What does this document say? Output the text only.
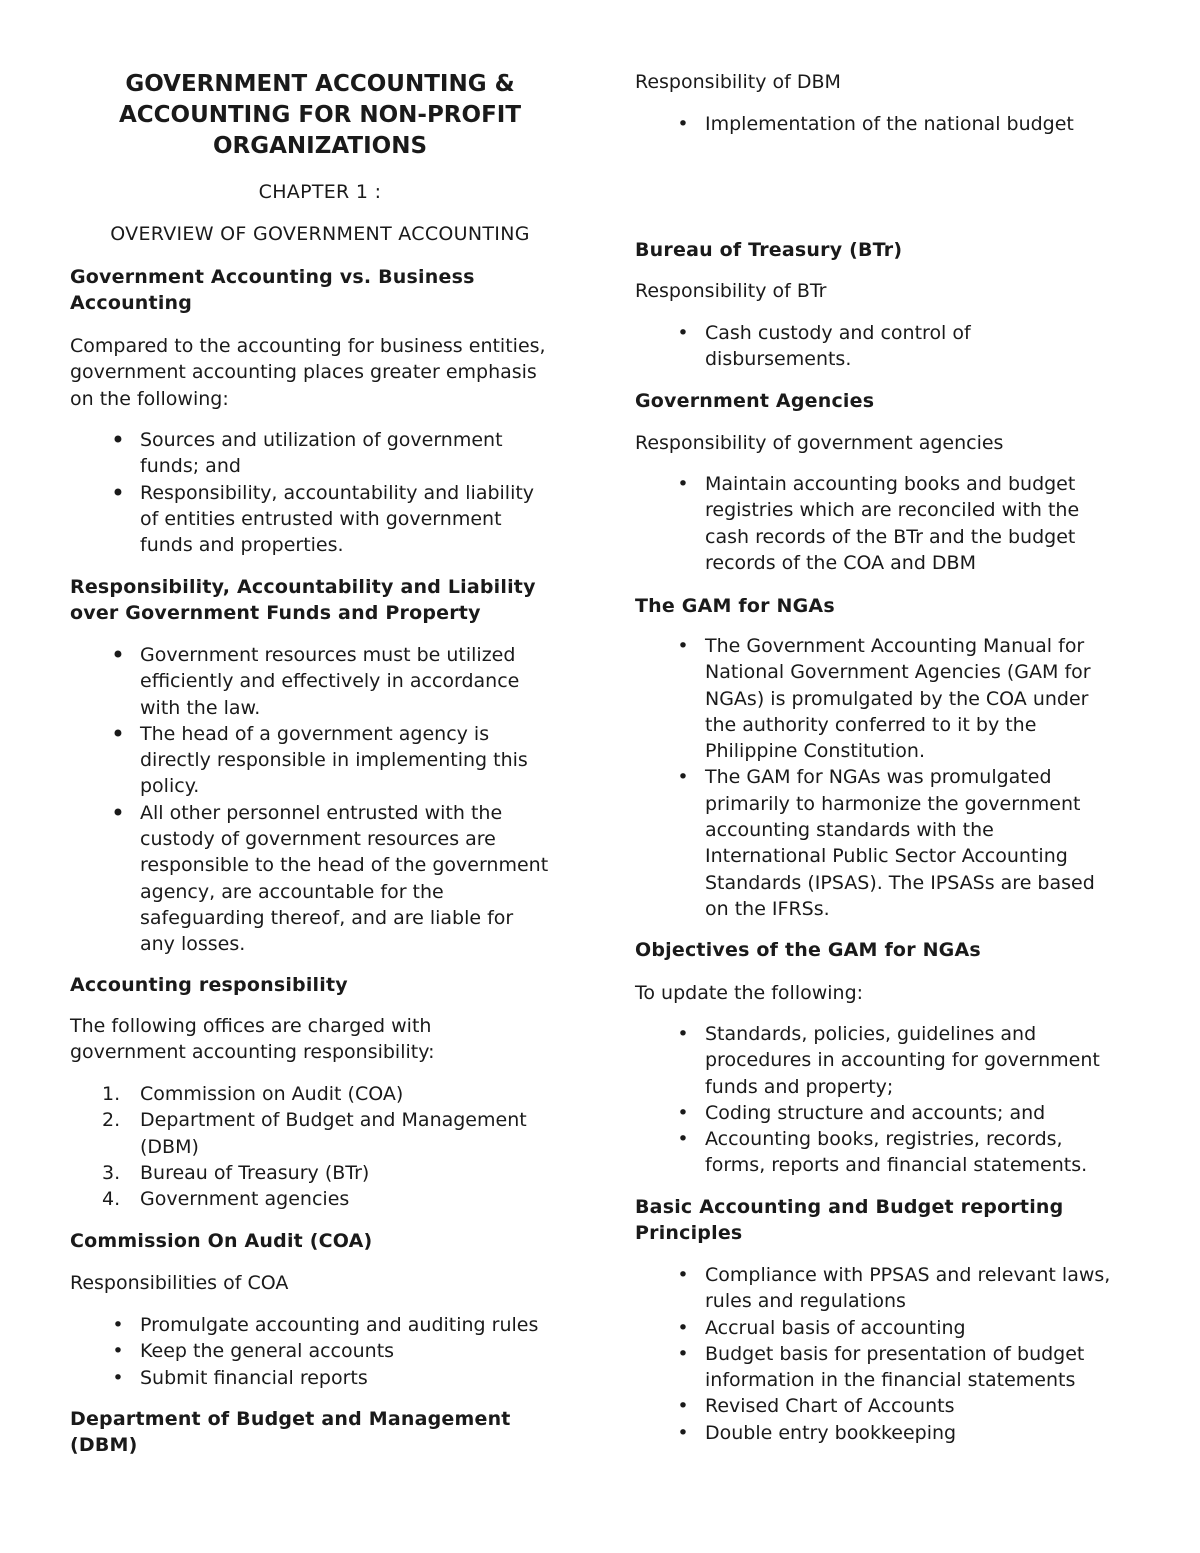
GOVERNMENT ACCOUNTING &
ACCOUNTING FOR NON-PROFIT
ORGANIZATIONS

CHAPTER 1 :

OVERVIEW OF GOVERNMENT ACCOUNTING

Government Accounting vs. Business
Accounting

Compared to the accounting for business entities,
government accounting places greater emphasis
on the following:

• Sources and utilization of government
funds; and
• Responsibility, accountability and liability
of entities entrusted with government
funds and properties.
Responsibility, Accountability and Liability
over Government Funds and Property
• Government resources must be utilized
efficiently and effectively in accordance
with the law.
• The head of a government agency is
directly responsible in implementing this
policy.
• All other personnel entrusted with the
custody of government resources are
responsible to the head of the government
agency, are accountable for the
safeguarding thereof, and are liable for
any losses.
Accounting responsibility

The following offices are charged with
government accounting responsibility:

1.	Commission on Audit (COA)
2.	Department of Budget and Management
(DBM)
3.	Bureau of Treasury (BTr)
4.	Government agencies
Commission On Audit (COA)

Responsibilities of COA

• Promulgate accounting and auditing rules
• Keep the general accounts
• Submit financial reports
Department of Budget and Management
(DBM)

Responsibility of DBM

• Implementation of the national budget
Bureau of Treasury (BTr)

Responsibility of BTr

• Cash custody and control of
disbursements.
Government Agencies

Responsibility of government agencies

• Maintain accounting books and budget
registries which are reconciled with the
cash records of the BTr and the budget
records of the COA and DBM
The GAM for NGAs
• The Government Accounting Manual for
National Government Agencies (GAM for
NGAs) is promulgated by the COA under
the authority conferred to it by the
Philippine Constitution.
• The GAM for NGAs was promulgated
primarily to harmonize the government
accounting standards with the
International Public Sector Accounting
Standards (IPSAS). The IPSASs are based
on the IFRSs.
Objectives of the GAM for NGAs

To update the following:

• Standards, policies, guidelines and
procedures in accounting for government
funds and property;
• Coding structure and accounts; and
• Accounting books, registries, records,
forms, reports and financial statements.
Basic Accounting and Budget reporting
Principles
• Compliance with PPSAS and relevant laws,
rules and regulations
• Accrual basis of accounting
• Budget basis for presentation of budget
information in the financial statements
• Revised Chart of Accounts
• Double entry bookkeeping
